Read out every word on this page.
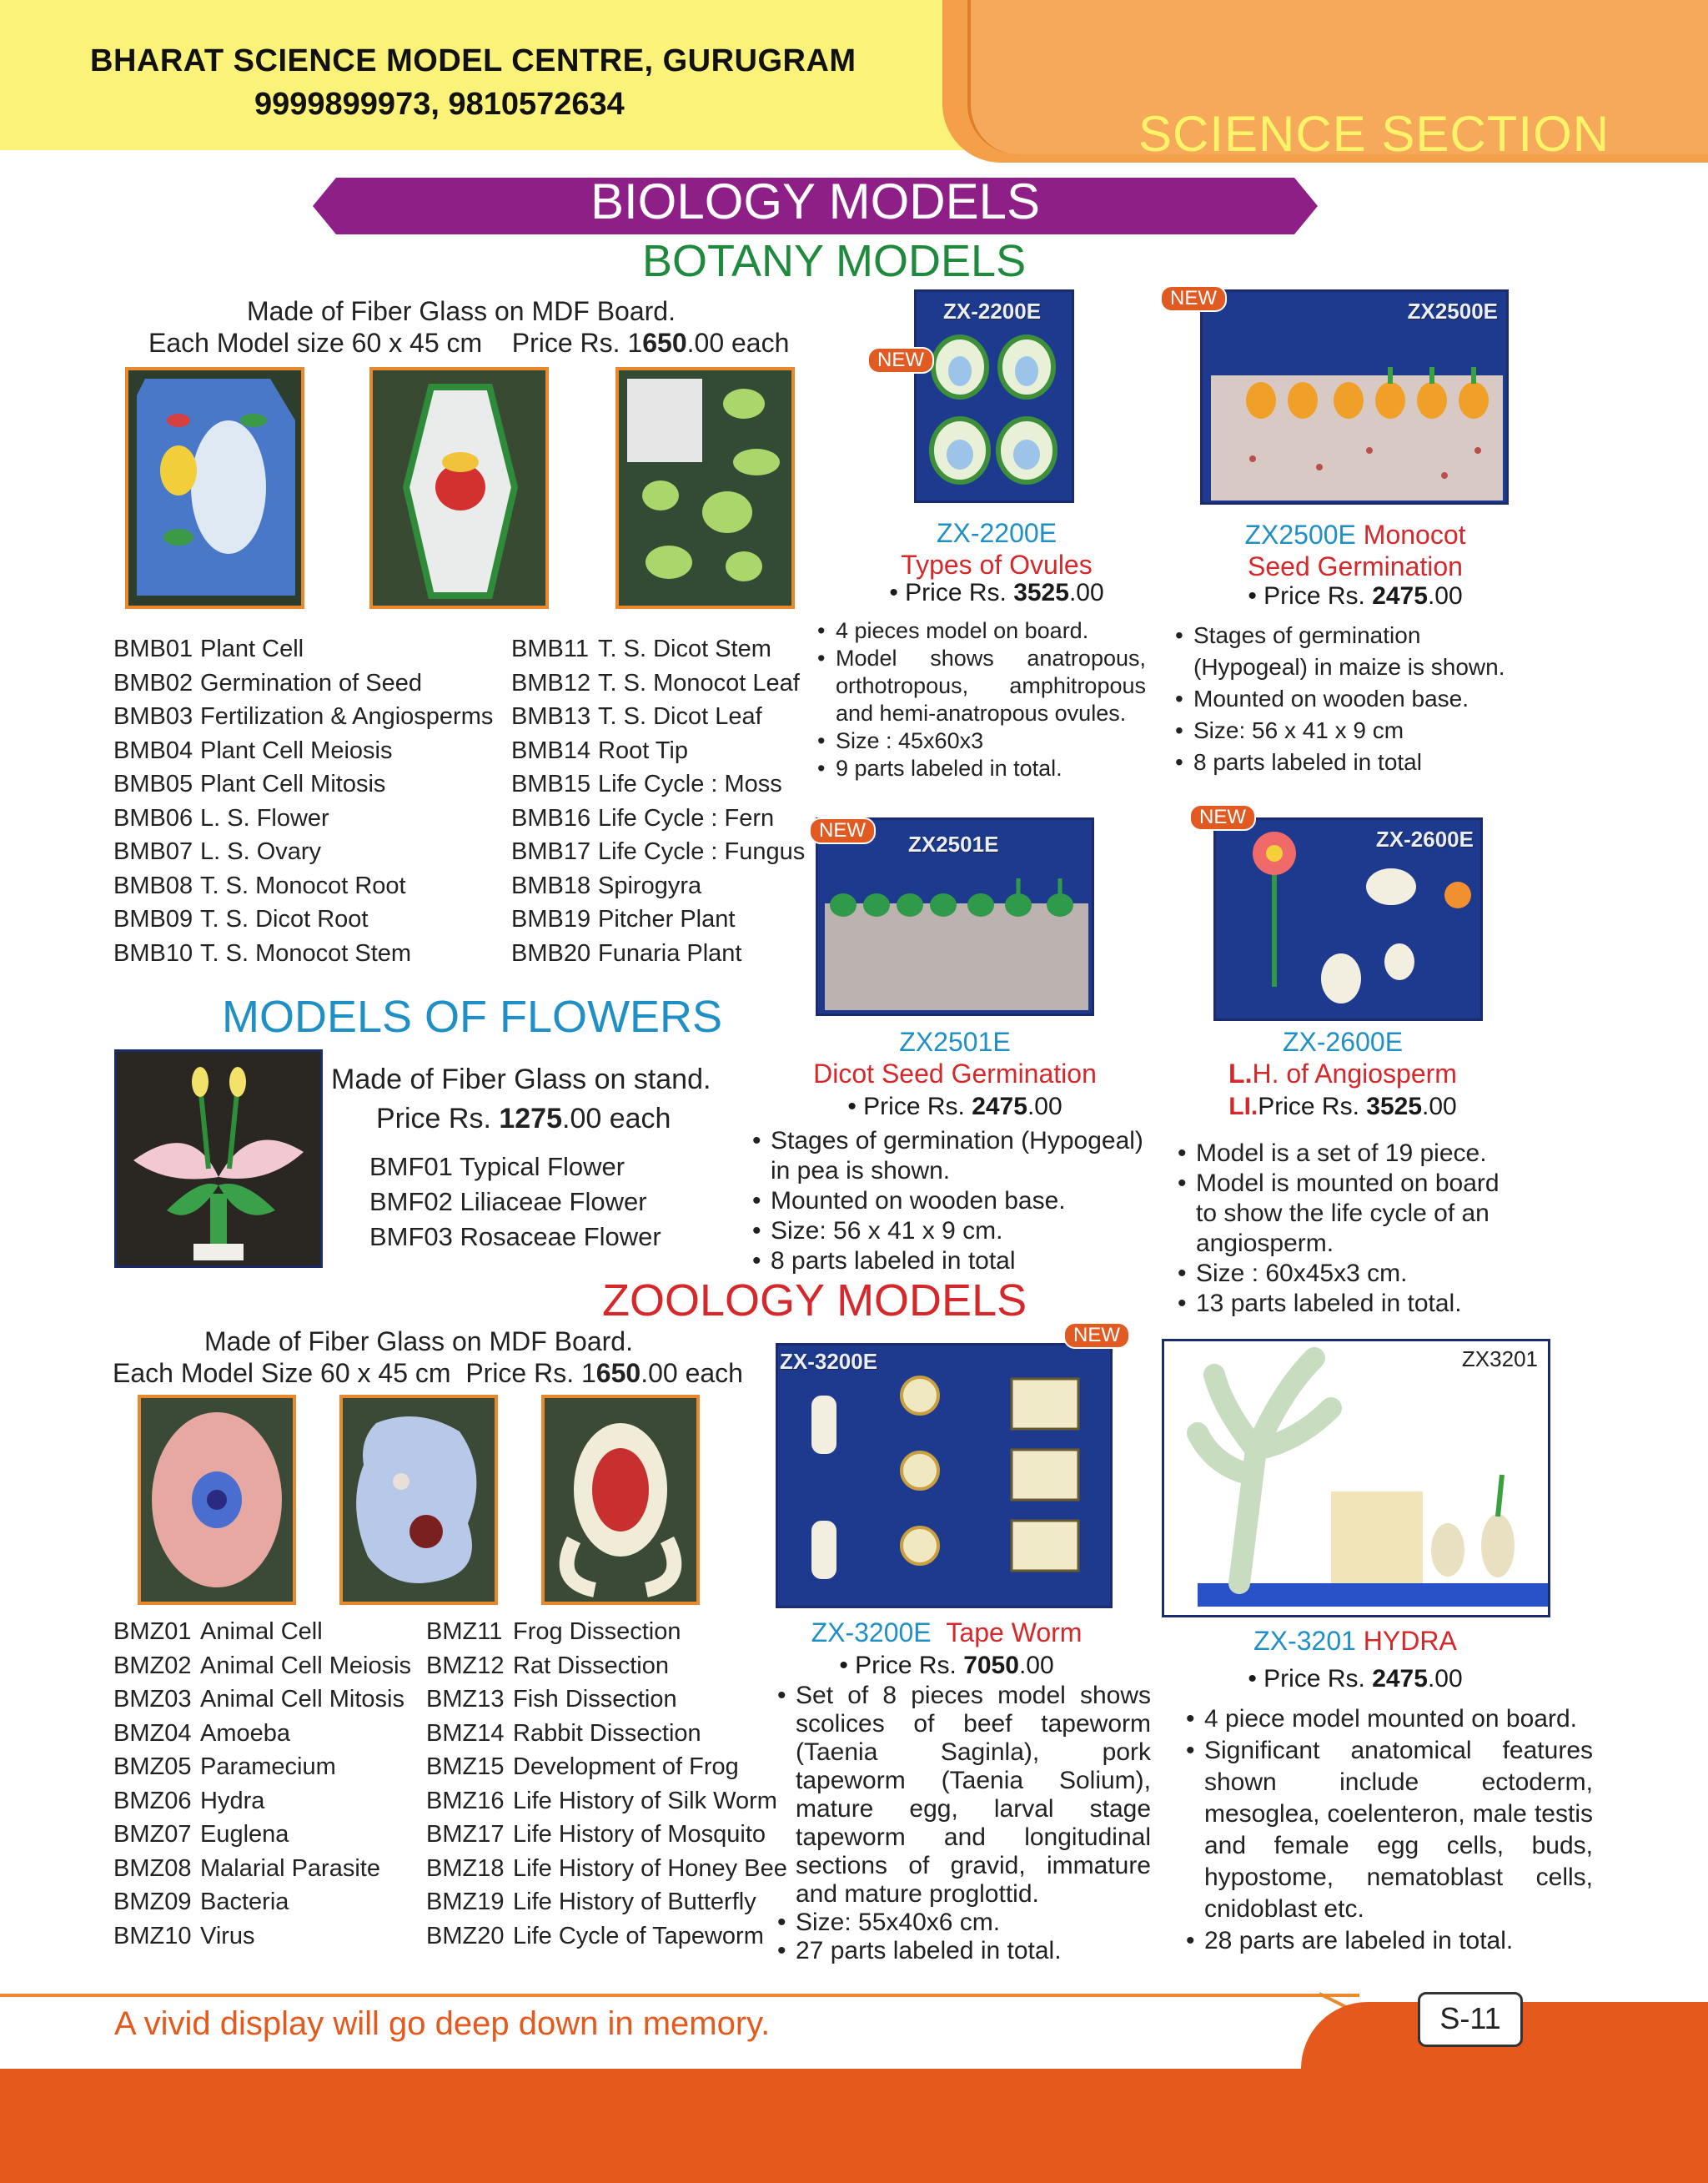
BHARAT SCIENCE MODEL CENTRE, GURUGRAM
9999899973, 9810572634
SCIENCE SECTION
BIOLOGY MODELS
BOTANY MODELS
Made of Fiber Glass on MDF Board.
Each Model size 60 x 45 cm    Price Rs. 1650.00 each
BMB01 Plant Cell
BMB02 Germination of Seed
BMB03 Fertilization & Angiosperms
BMB04 Plant Cell Meiosis
BMB05 Plant Cell Mitosis
BMB06 L. S. Flower
BMB07 L. S. Ovary
BMB08 T. S. Monocot Root
BMB09 T. S. Dicot Root
BMB10 T. S. Monocot Stem
BMB11 T. S. Dicot Stem
BMB12 T. S. Monocot Leaf
BMB13 T. S. Dicot Leaf
BMB14 Root Tip
BMB15 Life Cycle : Moss
BMB16 Life Cycle : Fern
BMB17 Life Cycle : Fungus
BMB18 Spirogyra
BMB19 Pitcher Plant
BMB20 Funaria Plant
ZX-2200E
NEW
ZX-2200E
Types of Ovules
• Price Rs. 3525.00
• 4 pieces model on board.
• Model shows anatropous, orthotropous, amphitropous and hemi-anatropous ovules.
• Size : 45x60x3
• 9 parts labeled in total.
ZX2500E
NEW
ZX2500E Monocot
Seed Germination
• Price Rs. 2475.00
• Stages of germination (Hypogeal) in maize is shown.
• Mounted on wooden base.
• Size: 56 x 41 x 9 cm
• 8 parts labeled in total
ZX2501E
NEW
ZX2501E
Dicot Seed Germination
• Price Rs. 2475.00
• Stages of germination (Hypogeal) in pea is shown.
• Mounted on wooden base.
• Size: 56 x 41 x 9 cm.
• 8 parts labeled in total
ZX-2600E
NEW
ZX-2600E
L.H. of Angiosperm
LI.Price Rs. 3525.00
• Model is a set of 19 piece.
• Model is mounted on board to show the life cycle of an angiosperm.
• Size : 60x45x3 cm.
• 13 parts labeled in total.
MODELS OF FLOWERS
Made of Fiber Glass on stand.
Price Rs. 1275.00 each
BMF01 Typical Flower
BMF02 Liliaceae Flower
BMF03 Rosaceae Flower
ZOOLOGY MODELS
Made of Fiber Glass on MDF Board.
Each Model Size 60 x 45 cm  Price Rs. 1650.00 each
BMZ01 Animal Cell
BMZ02 Animal Cell Meiosis
BMZ03 Animal Cell Mitosis
BMZ04 Amoeba
BMZ05 Paramecium
BMZ06 Hydra
BMZ07 Euglena
BMZ08 Malarial Parasite
BMZ09 Bacteria
BMZ10 Virus
BMZ11 Frog Dissection
BMZ12 Rat Dissection
BMZ13 Fish Dissection
BMZ14 Rabbit Dissection
BMZ15 Development of Frog
BMZ16 Life History of Silk Worm
BMZ17 Life History of Mosquito
BMZ18 Life History of Honey Bee
BMZ19 Life History of Butterfly
BMZ20 Life Cycle of Tapeworm
ZX-3200E
NEW
ZX-3200E Tape Worm
• Price Rs. 7050.00
• Set of 8 pieces model shows scolices of beef tapeworm (Taenia Saginla), pork tapeworm (Taenia Solium), mature egg, larval stage tapeworm and longitudinal sections of gravid, immature and mature proglottid.
• Size: 55x40x6 cm.
• 27 parts labeled in total.
ZX3201
ZX-3201 HYDRA
• Price Rs. 2475.00
• 4 piece model mounted on board.
• Significant anatomical features shown include ectoderm, mesoglea, coelenteron, male testis and female egg cells, buds, hypostome, nematoblast cells, cnidoblast etc.
• 28 parts are labeled in total.
A vivid display will go deep down in memory.	S-11
